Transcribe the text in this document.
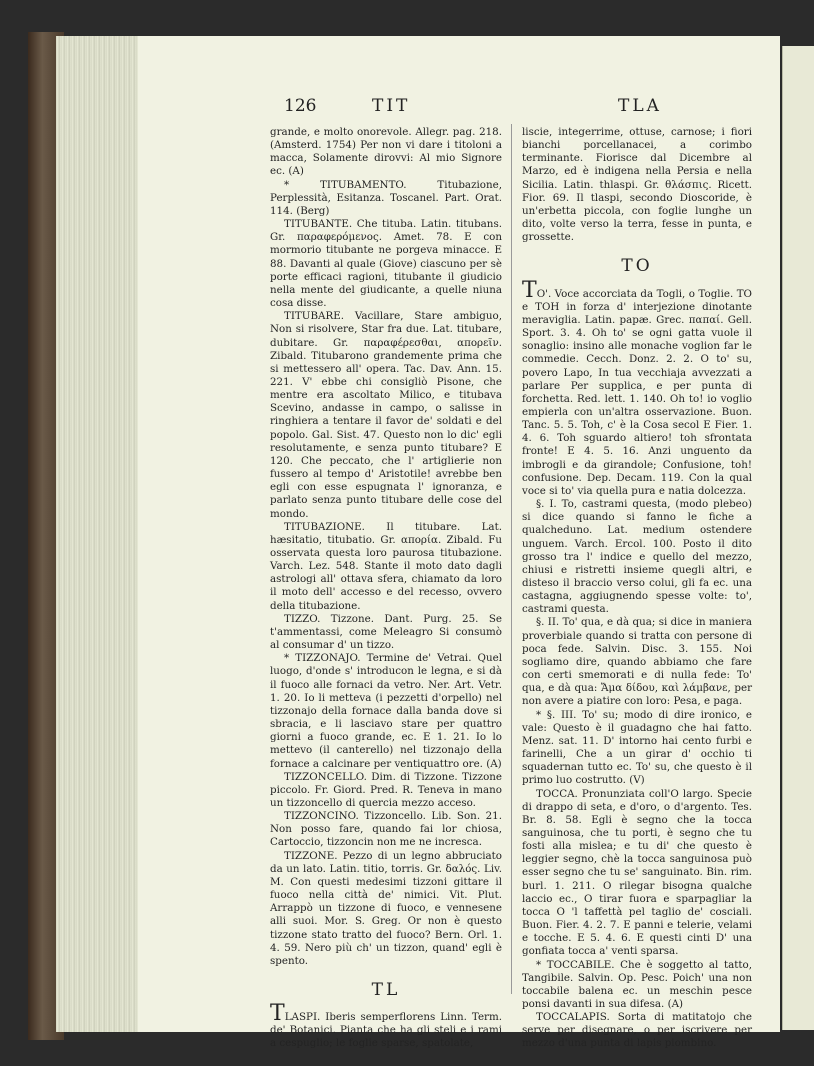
126	TIT	TLA

grande, e molto onorevole. Allegr. pag. 218. (Amsterd. 1754) Per non vi dare i titoloni a macca, Solamente dirovvi: Al mio Signore ec. (A)

* TITUBAMENTO. Titubazione, Perplessità, Esitanza. Toscanel. Part. Orat. 114. (Berg)

TITUBANTE. Che titubа. Latin. titubans. Gr. παραφερόμενος. Amet. 78. E con mormorio titubante ne porgeva minacce. E 88. Davanti al quale (Giove) ciascuno per sè porte efficaci ragioni, titubante il giudicio nella mente del giudicante, a quelle niuna cosa disse.

TITUBARE. Vacillare, Stare ambiguo, Non si risolvere, Star fra due. Lat. titubare, dubitare. Gr. παραφέρεσθαι, απορεῖν. Zibald. Titubarono grandemente prima che si mettessero all' opera. Tac. Dav. Ann. 15. 221. V' ebbe chi consigliò Pisone, che mentre era ascoltato Milico, e titubava Scevino, andasse in campo, o salisse in ringhiera a tentare il favor de' soldati e del popolo. Gal. Sist. 47. Questo non lo dic' egli resolutamente, e senza punto titubare? E 120. Che peccato, che l' artiglierie non fussero al tempo d' Aristotile! avrebbe ben egli con esse espugnata l' ignoranza, e parlato senza punto titubare delle cose del mondo.

TITUBAZIONE. Il titubare. Lat. hæsitatio, titubatio. Gr. απορία. Zibald. Fu osservata questa loro paurosa titubazione. Varch. Lez. 548. Stante il moto dato dagli astrologi all' ottava sfera, chiamato da loro il moto dell' accesso e del recesso, ovvero della titubazione.

TIZZO. Tizzone. Dant. Purg. 25. Se t'ammentassi, come Meleagro Si consumò al consumar d' un tizzo.

* TIZZONAJO. Termine de' Vetrai. Quel luogo, d'onde s' introducon le legna, e si dà il fuoco alle fornaci da vetro. Ner. Art. Vetr. 1. 20. Io li metteva (i pezzetti d'orpello) nel tizzonajo della fornace dalla banda dove si sbracia, e li lasciavo stare per quattro giorni a fuoco grande, ec. E 1. 21. Io lo mettevo (il canterello) nel tizzonajo della fornace a calcinare per ventiquattro ore. (A)

TIZZONCELLO. Dim. di Tizzone. Tizzone piccolo. Fr. Giord. Pred. R. Teneva in mano un tizzoncello di quercia mezzo acceso.

TIZZONCINO. Tizzoncello. Lib. Son. 21. Non posso fare, quando fai lor chiosa, Cartoccio, tizzoncin non me ne incresca.

TIZZONE. Pezzo di un legno abbruciato da un lato. Latin. titio, torris. Gr. δαλός. Liv. M. Con questi medesimi tizzoni gittare il fuoco nella città de' nimici. Vit. Plut. Arrappò un tizzone di fuoco, e vennesene alli suoi. Mor. S. Greg. Or non è questo tizzone stato tratto del fuoco? Bern. Orl. 1. 4. 59. Nero più ch' un tizzon, quand' egli è spento.

TL

TLASPI. Iberis semperflorens Linn. Term. de' Botanici. Pianta che ha gli steli e i rami a cespuglio; le foglie sparse, spatolate,

liscie, integerrime, ottuse, carnose; i fiori bianchi porcellanacei, a corimbo terminante. Fiorisce dal Dicembre al Marzo, ed è indigena nella Persia e nella Sicilia. Latin. thlaspi. Gr. θλάσπις. Ricett. Fior. 69. Il tlaspi, secondo Dioscoride, è un'erbetta piccola, con foglie lunghe un dito, volte verso la terra, fesse in punta, e grossette.

TO

TO'. Voce accorciata da Togli, o Toglie. TO e TOH in forza d' interjezione dinotante meraviglia. Latin. papæ. Grec. παπαί. Gell. Sport. 3. 4. Oh to' se ogni gatta vuole il sonaglio: insino alle monache voglion far le commedie. Cecch. Donz. 2. 2. O to' su, povero Lapo, In tua vecchiaja avvezzati a parlare Per supplica, e per punta di forchetta. Red. lett. 1. 140. Oh to! io voglio empierla con un'altra osservazione. Buon. Tanc. 5. 5. Toh, c' è la Cosa secol E Fier. 1. 4. 6. Toh sguardo altiero! toh sfrontata fronte! E 4. 5. 16. Anzi unguento da imbrogli e da girandole; Confusione, toh! confusione. Dep. Decam. 119. Con la qual voce si to' via quella pura e natia dolcezza.

§. I. To, castrami questa, (modo plebeo) si dice quando si fanno le fiche a qualcheduno. Lat. medium ostendere unguem. Varch. Ercol. 100. Posto il dito grosso tra l' indice e quello del mezzo, chiusi e ristretti insieme quegli altri, e disteso il braccio verso colui, gli fa ec. una castagna, aggiugnendo spesse volte: to', castrami questa.

§. II. To' qua, e dà qua; si dice in maniera proverbiale quando si tratta con persone di poca fede. Salvin. Disc. 3. 155. Noi sogliamo dire, quando abbiamo che fare con certi smemorati e di nulla fede: To' qua, e dà qua: Ἄμα δίδου, καὶ λάμβανε, per non avere a piatire con loro: Pesa, e paga.

* §. III. To' su; modo di dire ironico, e vale: Questo è il guadagno che hai fatto. Menz. sat. 11. D' intorno hai cento furbi e farinelli, Che a un girar d' occhio ti squadernan tutto ec. To' su, che questo è il primo luo costrutto. (V)

TOCCA. Pronunziata coll'O largo. Specie di drappo di seta, e d'oro, o d'argento. Tes. Br. 8. 58. Egli è segno che la tocca sanguinosa, che tu porti, è segno che tu fosti alla mislea; e tu di' che questo è leggier segno, chè la tocca sanguinosa può esser segno che tu se' sanguinato. Bin. rim. burl. 1. 211. O rilegar bisogna qualche laccio ec., O tirar fuora e sparpagliar la tocca O 'l taffettà pel taglio de' cosciali. Buon. Fier. 4. 2. 7. E panni e telerie, velami e tocche. E 5. 4. 6. E questi cinti D' una gonfiata tocca a' venti sparsa.

* TOCCABILE. Che è soggetto al tatto, Tangibile. Salvin. Op. Pesc. Poich' una non toccabile balena ec. un meschin pesce ponsi davanti in sua difesa. (A)

TOCCALAPIS. Sorta di matitatojo che serve per disegnare, o per iscrivere per mezzo d'una punta di lapis piombino.
